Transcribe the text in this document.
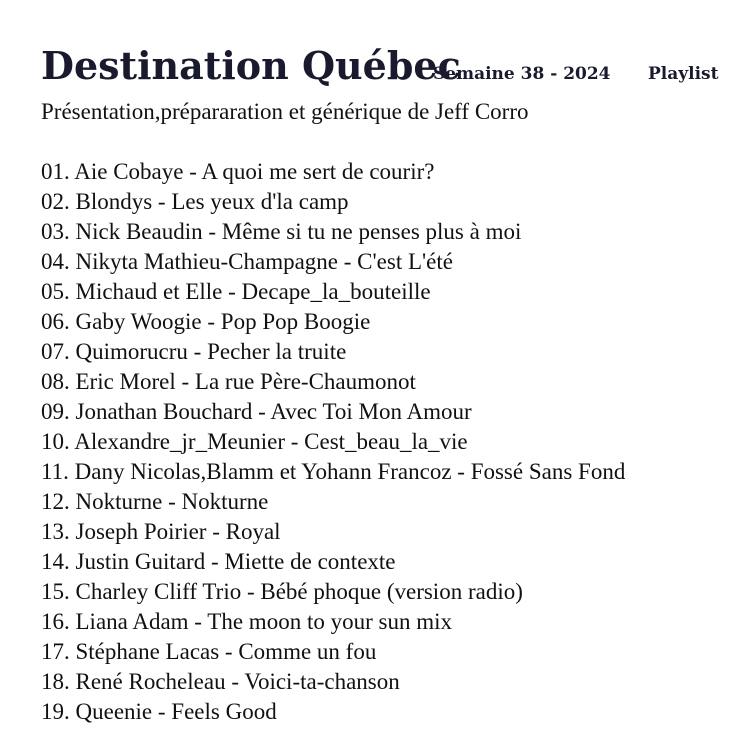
Destination Québec
Semaine 38 - 2024 Playlist
Présentation,prépararation et générique de Jeff Corro
01. Aie Cobaye - A quoi me sert de courir?
02. Blondys - Les yeux d'la camp
03. Nick Beaudin - Même si tu ne penses plus à moi
04. Nikyta Mathieu-Champagne - C'est L'été
05. Michaud et Elle - Decape_la_bouteille
06. Gaby Woogie - Pop Pop Boogie
07. Quimorucru - Pecher la truite
08. Eric Morel - La rue Père-Chaumonot
09. Jonathan Bouchard - Avec Toi Mon Amour
10. Alexandre_jr_Meunier - Cest_beau_la_vie
11. Dany Nicolas,Blamm et Yohann Francoz - Fossé Sans Fond
12. Nokturne - Nokturne
13. Joseph Poirier - Royal
14. Justin Guitard - Miette de contexte
15. Charley Cliff Trio - Bébé phoque (version radio)
16. Liana Adam - The moon to your sun mix
17. Stéphane Lacas - Comme un fou
18. René Rocheleau - Voici-ta-chanson
19. Queenie - Feels Good
